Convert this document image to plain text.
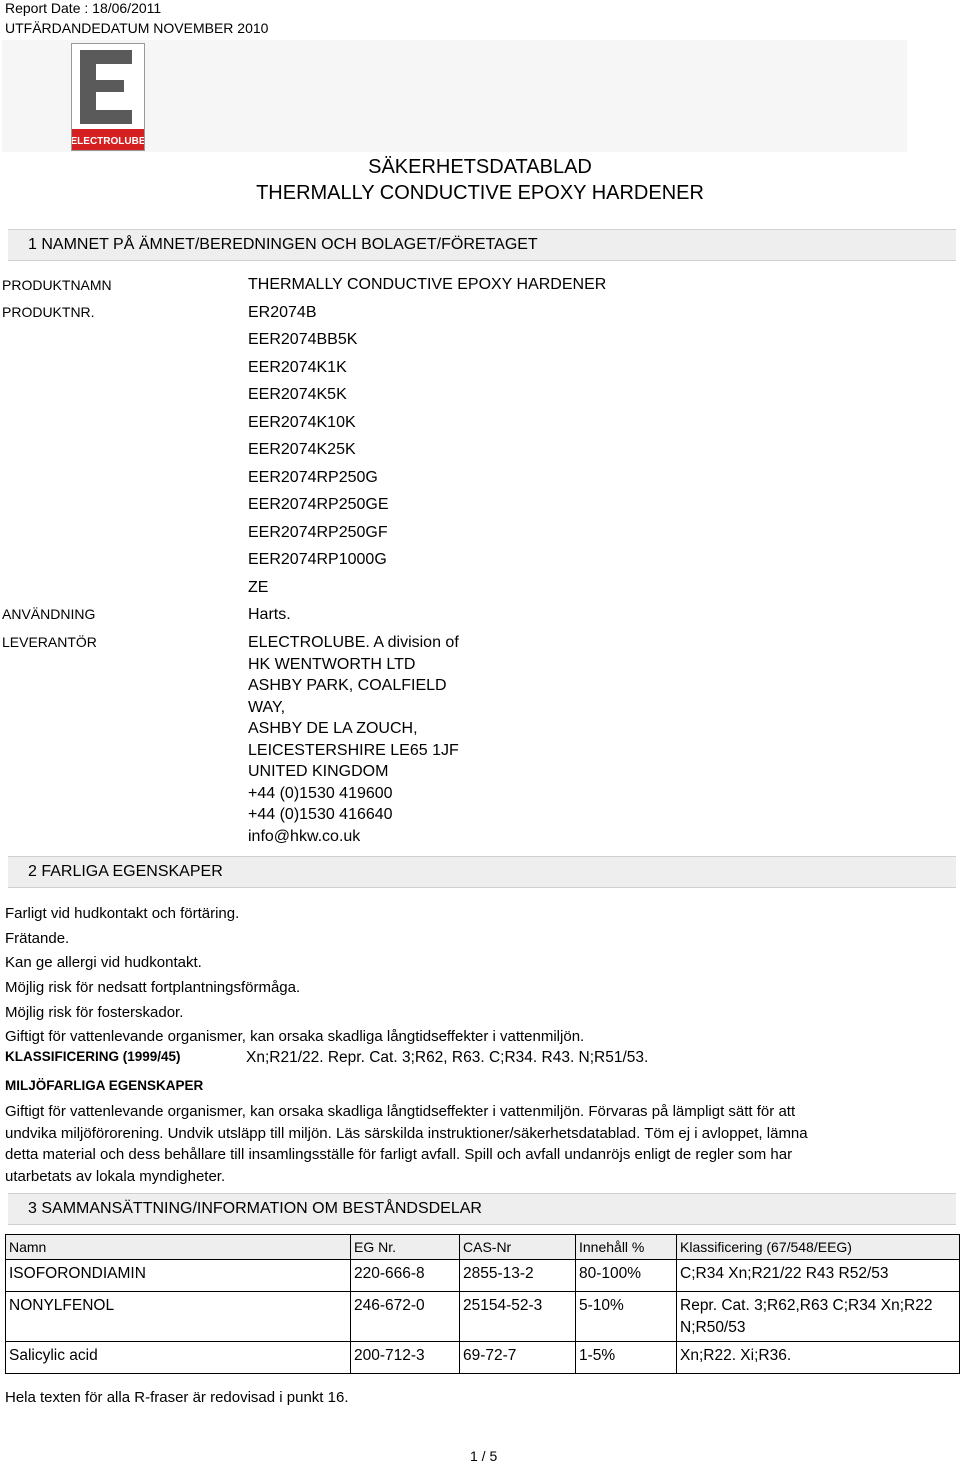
Report Date : 18/06/2011
UTFÄRDANDEDATUM NOVEMBER 2010
ELECTROLUBE
SÄKERHETSDATABLAD
THERMALLY CONDUCTIVE EPOXY HARDENER
1 NAMNET PÅ ÄMNET/BEREDNINGEN OCH BOLAGET/FÖRETAGET
PRODUKTNAMN	THERMALLY CONDUCTIVE EPOXY HARDENER
PRODUKTNR.	ER2074B
EER2074BB5K
EER2074K1K
EER2074K5K
EER2074K10K
EER2074K25K
EER2074RP250G
EER2074RP250GE
EER2074RP250GF
EER2074RP1000G
ZE
ANVÄNDNING	Harts.
LEVERANTÖR	ELECTROLUBE. A division of
HK WENTWORTH LTD
ASHBY PARK, COALFIELD
WAY,
ASHBY DE LA ZOUCH,
LEICESTERSHIRE LE65 1JF
UNITED KINGDOM
+44 (0)1530 419600
+44 (0)1530 416640
info@hkw.co.uk
2 FARLIGA EGENSKAPER
Farligt vid hudkontakt och förtäring.
Frätande.
Kan ge allergi vid hudkontakt.
Möjlig risk för nedsatt fortplantningsförmåga.
Möjlig risk för fosterskador.
Giftigt för vattenlevande organismer, kan orsaka skadliga långtidseffekter i vattenmiljön.
KLASSIFICERING (1999/45)	Xn;R21/22. Repr. Cat. 3;R62, R63. C;R34. R43. N;R51/53.
MILJÖFARLIGA EGENSKAPER
Giftigt för vattenlevande organismer, kan orsaka skadliga långtidseffekter i vattenmiljön. Förvaras på lämpligt sätt för att
undvika miljöförorening. Undvik utsläpp till miljön. Läs särskilda instruktioner/säkerhetsdatablad. Töm ej i avloppet, lämna
detta material och dess behållare till insamlingsställe för farligt avfall. Spill och avfall undanröjs enligt de regler som har
utarbetats av lokala myndigheter.
3 SAMMANSÄTTNING/INFORMATION OM BESTÅNDSDELAR
Namn	EG Nr.	CAS-Nr	Innehåll %	Klassificering (67/548/EEG)
ISOFORONDIAMIN	220-666-8	2855-13-2	80-100%	C;R34 Xn;R21/22 R43 R52/53
NONYLFENOL	246-672-0	25154-52-3	5-10%	Repr. Cat. 3;R62,R63 C;R34 Xn;R22 N;R50/53
Salicylic acid	200-712-3	69-72-7	1-5%	Xn;R22. Xi;R36.
Hela texten för alla R-fraser är redovisad i punkt 16.
1 / 5
